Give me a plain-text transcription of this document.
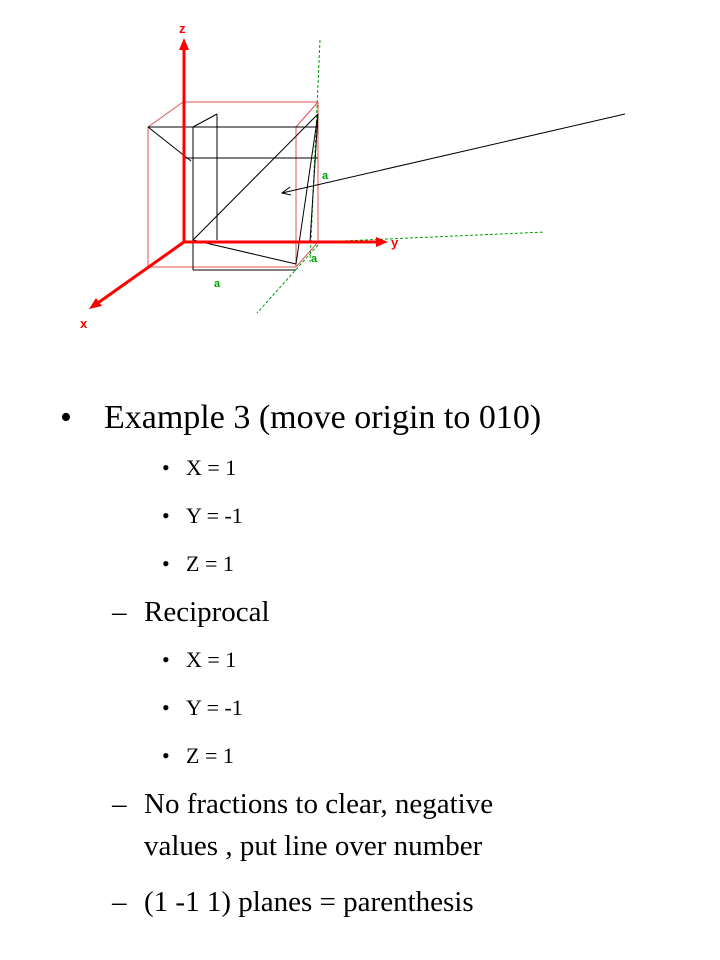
z
y
x
a
a
a
• Example 3 (move origin to 010)
• X = 1
• Y = -1
• Z = 1
– Reciprocal
• X = 1
• Y = -1
• Z = 1
– No fractions to clear, negative
values , put line over number
– (1 -1 1) planes = parenthesis
